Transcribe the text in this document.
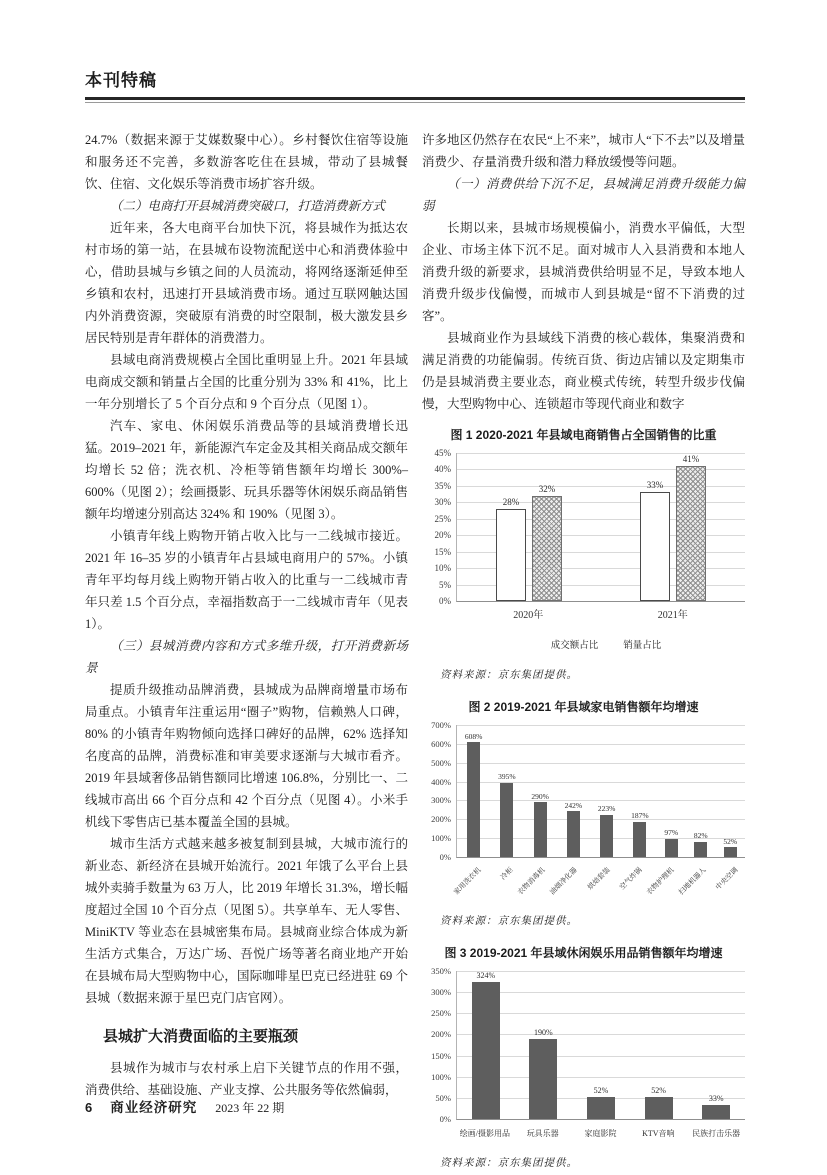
本刊特稿

24.7%（数据来源于艾媒数聚中心）。乡村餐饮住宿等设施和服务还不完善，多数游客吃住在县城，带动了县城餐饮、住宿、文化娱乐等消费市场扩容升级。

（二）电商打开县城消费突破口，打造消费新方式

近年来，各大电商平台加快下沉，将县城作为抵达农村市场的第一站，在县城布设物流配送中心和消费体验中心，借助县城与乡镇之间的人员流动，将网络逐渐延伸至乡镇和农村，迅速打开县域消费市场。通过互联网触达国内外消费资源，突破原有消费的时空限制，极大激发县乡居民特别是青年群体的消费潜力。

县域电商消费规模占全国比重明显上升。2021 年县域电商成交额和销量占全国的比重分别为 33% 和 41%，比上一年分别增长了 5 个百分点和 9 个百分点（见图 1）。

汽车、家电、休闲娱乐消费品等的县域消费增长迅猛。2019–2021 年，新能源汽车定金及其相关商品成交额年均增长 52 倍；洗衣机、冷柜等销售额年均增长 300%–600%（见图 2）；绘画摄影、玩具乐器等休闲娱乐商品销售额年均增速分别高达 324% 和 190%（见图 3）。

小镇青年线上购物开销占收入比与一二线城市接近。2021 年 16–35 岁的小镇青年占县域电商用户的 57%。小镇青年平均每月线上购物开销占收入的比重与一二线城市青年只差 1.5 个百分点，幸福指数高于一二线城市青年（见表 1）。

（三）县城消费内容和方式多维升级，打开消费新场景

提质升级推动品牌消费，县城成为品牌商增量市场布局重点。小镇青年注重运用“圈子”购物，信赖熟人口碑，80% 的小镇青年购物倾向选择口碑好的品牌，62% 选择知名度高的品牌，消费标准和审美要求逐渐与大城市看齐。2019 年县域奢侈品销售额同比增速 106.8%，分别比一、二线城市高出 66 个百分点和 42 个百分点（见图 4）。小米手机线下零售店已基本覆盖全国的县城。

城市生活方式越来越多被复制到县城，大城市流行的新业态、新经济在县城开始流行。2021 年饿了么平台上县城外卖骑手数量为 63 万人，比 2019 年增长 31.3%，增长幅度超过全国 10 个百分点（见图 5）。共享单车、无人零售、MiniKTV 等业态在县城密集布局。县城商业综合体成为新生活方式集合，万达广场、吾悦广场等著名商业地产开始在县城布局大型购物中心，国际咖啡星巴克已经进驻 69 个县城（数据来源于星巴克门店官网）。

县城扩大消费面临的主要瓶颈

县城作为城市与农村承上启下关键节点的作用不强，消费供给、基础设施、产业支撑、公共服务等依然偏弱，

许多地区仍然存在农民“上不来”，城市人“下不去”以及增量消费少、存量消费升级和潜力释放缓慢等问题。

（一）消费供给下沉不足，县城满足消费升级能力偏弱

长期以来，县城市场规模偏小，消费水平偏低，大型企业、市场主体下沉不足。面对城市人入县消费和本地人消费升级的新要求，县城消费供给明显不足，导致本地人消费升级步伐偏慢，而城市人到县城是“留不下消费的过客”。

县城商业作为县域线下消费的核心载体，集聚消费和满足消费的功能偏弱。传统百货、街边店铺以及定期集市仍是县城消费主要业态，商业模式传统，转型升级步伐偏慢，大型购物中心、连锁超市等现代商业和数字

图 1 2020-2021 年县域电商销售占全国销售的比重

0%
5%
10%
15%
20%
25%
30%
35%
40%
45%
28%
32%	33%
41%
2020年	2021年
成交额占比	销量占比

资料来源：京东集团提供。

图 2 2019-2021 年县域家电销售额年均增速

0%
100%
200%
300%
400%
500%
600%
700%
608%
395%
290%
242% 223%
187%
97% 82%
52%
家用洗衣机	冷柜 衣物消毒机 油烟净化器 烘焙套装 空气炸锅 衣物护理机 扫地机器人 中央空调

资料来源：京东集团提供。

图 3 2019-2021 年县域休闲娱乐用品销售额年均增速

0%
50%
100%
150%
200%
250%
300%
350%	324%
190%
52%	52%
33%
绘画/摄影用品	玩具乐器	家庭影院	KTV音响	民族打击乐器

资料来源：京东集团提供。

6 商业经济研究 2023 年 22 期
